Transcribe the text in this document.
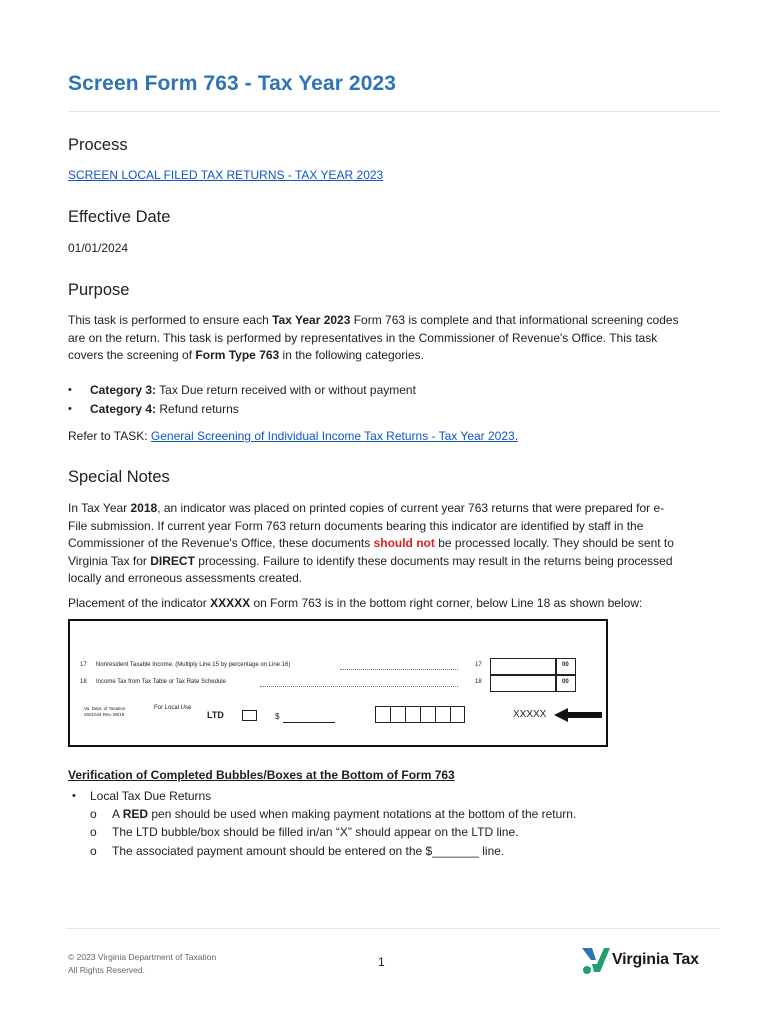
Screen Form 763 - Tax Year 2023
Process
SCREEN LOCAL FILED TAX RETURNS - TAX YEAR 2023
Effective Date
01/01/2024
Purpose
This task is performed to ensure each Tax Year 2023 Form 763 is complete and that informational screening codes
are on the return. This task is performed by representatives in the Commissioner of Revenue's Office. This task
covers the screening of Form Type 763 in the following categories.
•	Category 3: Tax Due return received with or without payment
•	Category 4: Refund returns
Refer to TASK: General Screening of Individual Income Tax Returns - Tax Year 2023.
Special Notes
In Tax Year 2018, an indicator was placed on printed copies of current year 763 returns that were prepared for e-
File submission. If current year Form 763 return documents bearing this indicator are identified by staff in the
Commissioner of the Revenue's Office, these documents should not be processed locally. They should be sent to
Virginia Tax for DIRECT processing. Failure to identify these documents may result in the returns being processed
locally and erroneous assessments created.
Placement of the indicator XXXXX on Form 763 is in the bottom right corner, below Line 18 as shown below:
17 Nonresident Taxable Income. (Multiply Line 15 by percentage on Line 16)	17	00
18 Income Tax from Tax Table or Tax Rate Schedule	18	00
Va. Dept. of Taxation
2601044 Rev. 06/19
For Local Use
LTD	$	XXXXX
Verification of Completed Bubbles/Boxes at the Bottom of Form 763
•	Local Tax Due Returns
o A RED pen should be used when making payment notations at the bottom of the return.
o The LTD bubble/box should be filled in/an “X” should appear on the LTD line.
o The associated payment amount should be entered on the $_______ line.
© 2023 Virginia Department of Taxation
All Rights Reserved.
1	Virginia Tax
